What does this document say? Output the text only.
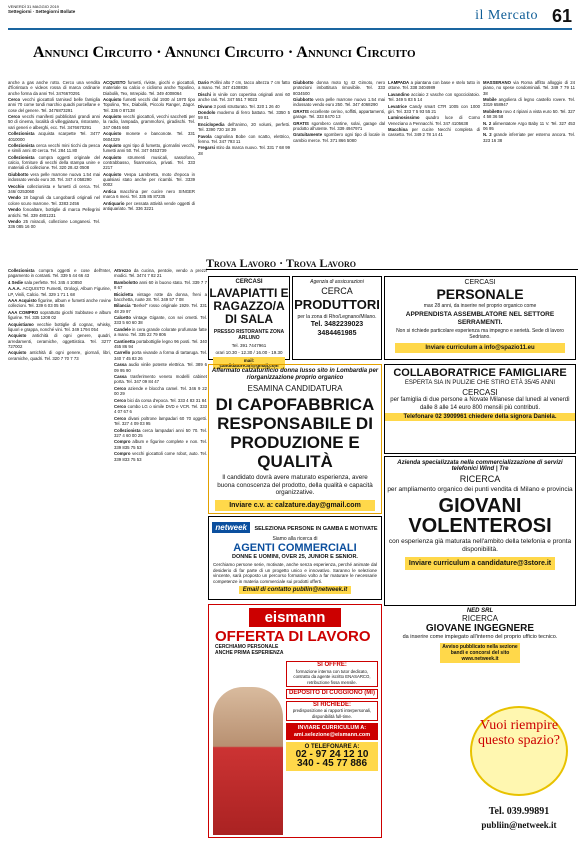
VENERDÌ 31 MAGGIO 2019
Settegiorni · Settegiorni Bollate	il Mercato 61
Annunci Circuito · Annunci Circuito · Annunci Circuito

anche a gas anche rotto. Cerco una vendita d'fiorintura e videos rossa di marca ordinarie anche forma da anni Tel. 3476670291

Cerco vecchi giocattoli tarnised belle famiglia anni 70 come tondi marchio quadri porcellane e cose del genere. Tel. 3476873291

Cerco vecchi manifesti pubblicitari grandi anni 50 di cinema, località di villeggiatura, ristorante, vari generi e alberghi, ecc. Tel. 3476670291

Collezionista acquista scarpette Tel. 3477 4010000

Collezionista cerca vecchi mini ticchi da pesca e simili anni 40 cerca. Tel. 284 11.80

Collezionista compra oggetti originale del calcio, forniture di vecchi della stampa unire e materiali di collezione. Tel. 320 28.42 0508

Giubbotto vera pelle marrone nuova 1.54 mai indossato vendo euro 30. Tel. 347 4 058290

Vecchio collezionista e fumetti di cerca. Tel. 346/ 0253060

Vendo 18 bagnoli da Longobardi originali nel colore scuro marrone. Tel. 3383 2456

Vendo fonoaltare, bottiglie di marca Pellegrini antichi. Tel. 339 4801231

Vendo 25 miracoli, collezione Longanesi. Tel. 336 085 16 00

ACQUISTO fumetti, riviste, giochi e giocattoli, materiale su calcio e ciclismo anche Topolino, Diabolik, Tex, Intrepido. Tel. 349 4008064

Acquisto fumetti vecchi dal 1930 al 1970 tipo Topolino, Tex, Diabolik, Piccolo Ranger, Zagor. Tel. 336 0 87138

Acquisto vecchi giocattoli, vecchi sacchetti per la radio, lampada, grammofoni, giradischi. Tel. 347 0845 660

Acquisto monete e banconote. Tel. 331 0604329

Acquisto ogni tipo di fumetto, giornalini vecchi, fumetti anni 50. Tel. 347 0453739

Acquisto strumenti musicali, sassofono, contrabbasso, fisarmonica, privati. Tel. 333 2217

Acquisto Vespa Lambretta, moto d'epoca in qualsiasi stato anche per ricambi. Tel. 3339 0002

Antica macchina per cucire nero SINGER marca 6 mesi. Tel. 335 85 87235

Antiquario per cessata attività vende oggetti di antiquariato. Tel. 336 3221

Dario Pollini alto 7 cm, tacco altezza 7 cm fatto a mano. Tel. 347 4108836

Dischi in vinile con copertina originali anni 60 anche rari. Tel. 347 551 7 9023

Divano 3 posti strutturato. Tel. 320 1 26 40

Dondolo moderno di ferro battuto. Tel. 3350 5 59 81

Enciclopedia dell'animo, 20 volumi, perfetti. Tel. 3390 720 18 39

Favola cagnolina Bobe con scatto, elettrico, fermo. Tel. 347 793 11

Fregarsi stiro da marca nuovo. Tel. 331 7 68 99 28

Giubbotto donna moto tg 42 Gimoto, nero protezioni imbottitura rimovibile. Tel. 333 8034500

Giubbotto vera pelle marrone nuovo 1.54 mai indossato vendo euro 250. Tel. 347 4068290

GRATIS eccellente cerino, soffitti, appartamenti, garage. Tel. 333 8470 13

GRATIS sgombero cantine, solai, garage dal prodotto all'utente. Tel. 339 4947971

Gratuitamente sgombero ogni tipo di locale in cambio merce. Tel. 371 866 5080

LAMPADA a piantana con base e stelo tutto in ottone. Tel. 338 3404989

Lavandino acciaio 2 vasche con sgocciolatoio. Tel. 349 5 83 5 14

Levatrice Candy smart CTR 1005 con 1000 giri. Tel. 333 7 5 93 55 21

Luminosissimo quadro luce di Como Veneziano a Pennacchi. Tel. 347 4105638

Macchina per cucire Necchi completa di cassetto. Tel. 349 2 78 14 41

MASSERANO via Roma affitto alloggio di 24 piano, no spese condominiali. Tel. 349 7 79 11 38

Mobile angoliera di legno castello rovere. Tel. 3319 658947

Mobiletto rovo 4 ripiani a vista euro 50. Tel. 327 4 58 36 58

N. 2 alimentatore Argo Baby 11 V. Tel. 327 453 06 95

N. 2 grande inferriate per esterno ancora. Tel. 323 16 38

Trova Lavoro · Trova Lavoro

Collezionista compra oggetti e cose dell'Inter, pagamento in contanti. Tel. 339 5 44 66 43

4 Sedie sala perfette. Tel. 345 4 10850

A.A.A. ACQUISTO Fumetti, Orologi, Album Figurine, LP, Vinili, Calcio. Tel. 329 1 71 1 68

AAA Acquisto figurine, album e fumetti anche rovine collezioni. Tel. 339 6 03 05 56

AAA COMPRO soprattutto giochi Subbuteo e album figurine. Tel. 335 1208 02

Acquistiamo vecchie bottiglie di cognac, whisky, liquori e grappa, nonché vini. Tel. 349 1794 054

Acquisto antichità di ogni genere, quadri, arredamenti, ceramiche, oggettistica. Tel. 3277 727002

Acquisto antichità di ogni genere, giornali, libri, ceramiche, quadri. Tel. 320 7 70 7 73

Attrezzo da cucina, pentole, vendo a prezzi modici. Tel. 3474 7 82 21

Bambolotto anni 60 in buono stato. Tel. 339 7 7 8 67

Bicicletta vintage rotte da donna, freni a bacchetta, ruote 28. Tel. 349 57 7 08

Bilancia "Berkel" rosso originale 1929. Tel. 331 48 29 97

Calcetto vintage Gigante, con sei ometti. Tel. 333 5 60 60 38

Candele in cera grande colorate profumate fatte a mano. Tel. 335 22 79 806

Cantinetta portabottiglie legno 96 posti. Tel. 340 455 86 94

Carrello porta vivande a forma di tartaruga. Tel. 340 7 45 83 26

Cassa audio vinile potente elettrica. Tel. 389 6 09 95 90

Cassa trasferimento veneto modelli cabinet porta. Tel. 347 09 84 47

Cerco aziende e bloccha camel. Tel. 346 9 22 00 29

Cerco bici da corsa d'epoca. Tel. 333 4 83 31 84

Cerco combo LG o simile DVD e VCR. Tel. 333 4 07 67 6

Cerco divani poltrone lampadari 60 70 oggetti. Tel. 327 4 09 03 95

Collezionista cerca lampadari anni 50 70. Tel. 327 4 60 00 25

Compro album e figurine complete e non. Tel. 339 835 75 53

Compro vecchi giocattoli come robot, auto. Tel. 339 833 75 53

CERCASI
LAVAPIATTI E RAGAZZO/A DI SALA
PRESSO RISTORANTE ZONA ARLUNO
Tel. 391 7447961
orari 10.30 - 12.30 / 16.00 - 19.30
mail: candidature.ari@gmail.com
Agenzia di assicurazioni
CERCA
PRODUTTORI
per la zona di Rho/Legnano/Milano.
Tel. 3482239023
3484461985
CERCASI
PERSONALE
max 28 anni, da inserire nel proprio organico come
APPRENDISTA ASSEMBLATORE NEL SETTORE SERRAMENTI.
Non si richiede particolare esperienza ma impegno e serietà. Sede di lavoro Sedriano.
Inviare curriculum a info@spazio11.eu
Affermato calzaturificio donna lusso sito in Lombardia per riorganizzazione proprio organico
ESAMINA CANDIDATURA
DI CAPOFABBRICA RESPONSABILE DI PRODUZIONE E QUALITÀ
Il candidato dovrà avere maturato esperienza, avere buona conoscenza del prodotto, della qualità e capacità organizzative.
Inviare c.v. a: calzature.day@gmail.com
COLLABORATRICE FAMIGLIARE
ESPERTA SIA IN PULIZIE CHE STIRO ETÀ 35/45 ANNI
CERCASI
per famiglia di due persone a Novate Milanese dal lunedì al venerdì dalle 8 alle 14 euro 800 mensili più contributi.
Telefonare 02 3909961 chiedere della signora Daniela.
Azienda specializzata nella commercializzazione di servizi telefonici Wind | Tre
RICERCA
per ampliamento organico dei punti vendita di Milano e provincia
GIOVANI VOLENTEROSI
con esperienza già maturata nell'ambito della telefonia e pronta disponibilità.
Inviare curriculum a candidature@3store.it
netweek SELEZIONA PERSONE IN GAMBA E MOTIVATE
Siamo alla ricerca di
AGENTI COMMERCIALI
DONNE E UOMINI, OVER 25, JUNIOR E SENIOR.
Cerchiamo persone serie, motivate, anche senza esperienza, perché animate dal desiderio di far parte di un progetto unico e innovativo. Saranno le selezione vincente, sarà proposto un percorso formativo volto a far maturare le necessarie competenze in materia commerciale sui prodotti offerti.
Email di contatto publlin@netweek.it
eismann
OFFERTA DI LAVORO
CERCHIAMO PERSONALE
ANCHE PRIMA ESPERIENZA
SI OFFRE:
formazione interna con tutor dedicato, contratto da agente iscritto ENASARCO, retribuzione fissa mensile.
DEPOSITO DI CUGGIONO (MI)
SI RICHIEDE:
predisposizione ai rapporti interpersonali, disponibilità full-time.
INVIARE CURRICULUM A: ami.selezione@eismann.com
O TELEFONARE A:
02 - 97 24 12 10
340 - 45 77 886
NED SRL
RICERCA
GIOVANE INGEGNERE
da inserire come impiegato all'interno del proprio ufficio tecnico.
Avviso pubblicato nella sezione bandi e concorsi del sito www.netweek.it
Vuoi riempire questo spazio?
Tel. 039.99891
publiin@netweek.it
